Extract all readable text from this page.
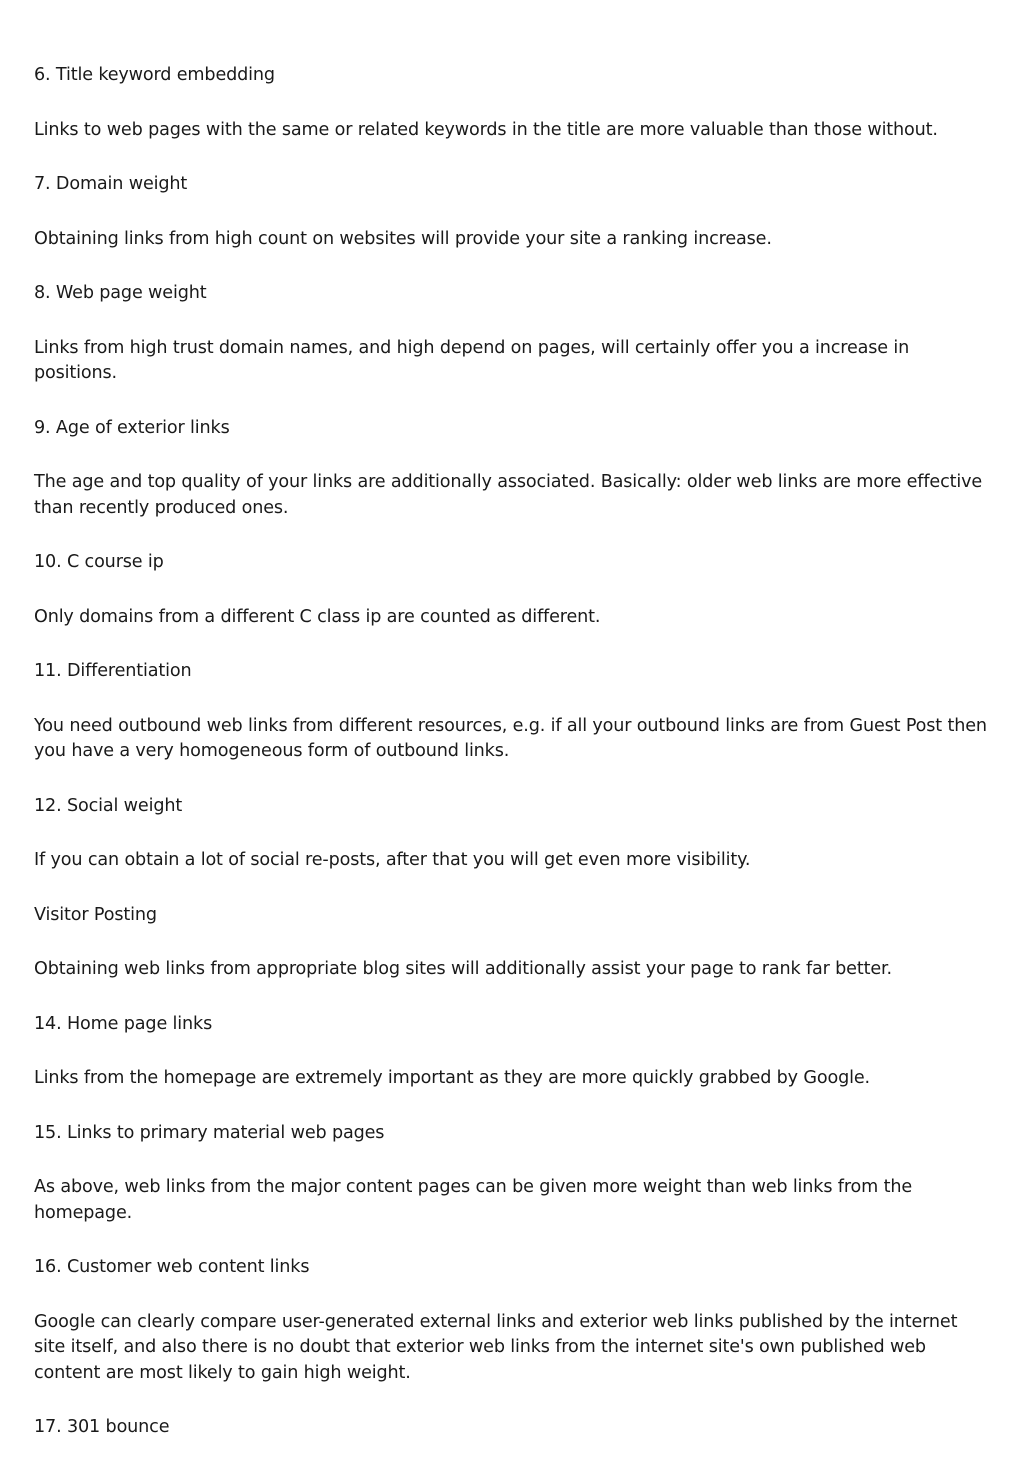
6. Title keyword embedding

Links to web pages with the same or related keywords in the title are more valuable than those without.

7. Domain weight

Obtaining links from high count on websites will provide your site a ranking increase.

8. Web page weight

Links from high trust domain names, and high depend on pages, will certainly offer you a increase in positions.

9. Age of exterior links

The age and top quality of your links are additionally associated. Basically: older web links are more effective than recently produced ones.

10. C course ip

Only domains from a different C class ip are counted as different.

11. Differentiation

You need outbound web links from different resources, e.g. if all your outbound links are from Guest Post then you have a very homogeneous form of outbound links.

12. Social weight

If you can obtain a lot of social re-posts, after that you will get even more visibility.

Visitor Posting

Obtaining web links from appropriate blog sites will additionally assist your page to rank far better.

14. Home page links

Links from the homepage are extremely important as they are more quickly grabbed by Google.

15. Links to primary material web pages

As above, web links from the major content pages can be given more weight than web links from the homepage.

16. Customer web content links

Google can clearly compare user-generated external links and exterior web links published by the internet site itself, and also there is no doubt that exterior web links from the internet site's own published web content are most likely to gain high weight.

17. 301 bounce
